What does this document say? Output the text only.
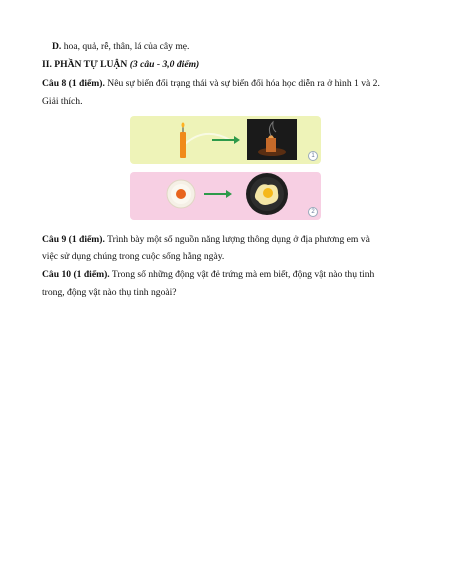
D. hoa, quả, rễ, thân, lá của cây mẹ.
II. PHẦN TỰ LUẬN (3 câu - 3,0 điểm)
Câu 8 (1 điểm). Nêu sự biến đổi trạng thái và sự biến đổi hóa học diễn ra ở hình 1 và 2.
Giải thích.
1
2
Câu 9 (1 điểm). Trình bày một số nguồn năng lượng thông dụng ở địa phương em và
việc sử dụng chúng trong cuộc sống hằng ngày.
Câu 10 (1 điểm). Trong số những động vật đẻ trứng mà em biết, động vật nào thụ tinh
trong, động vật nào thụ tinh ngoài?
